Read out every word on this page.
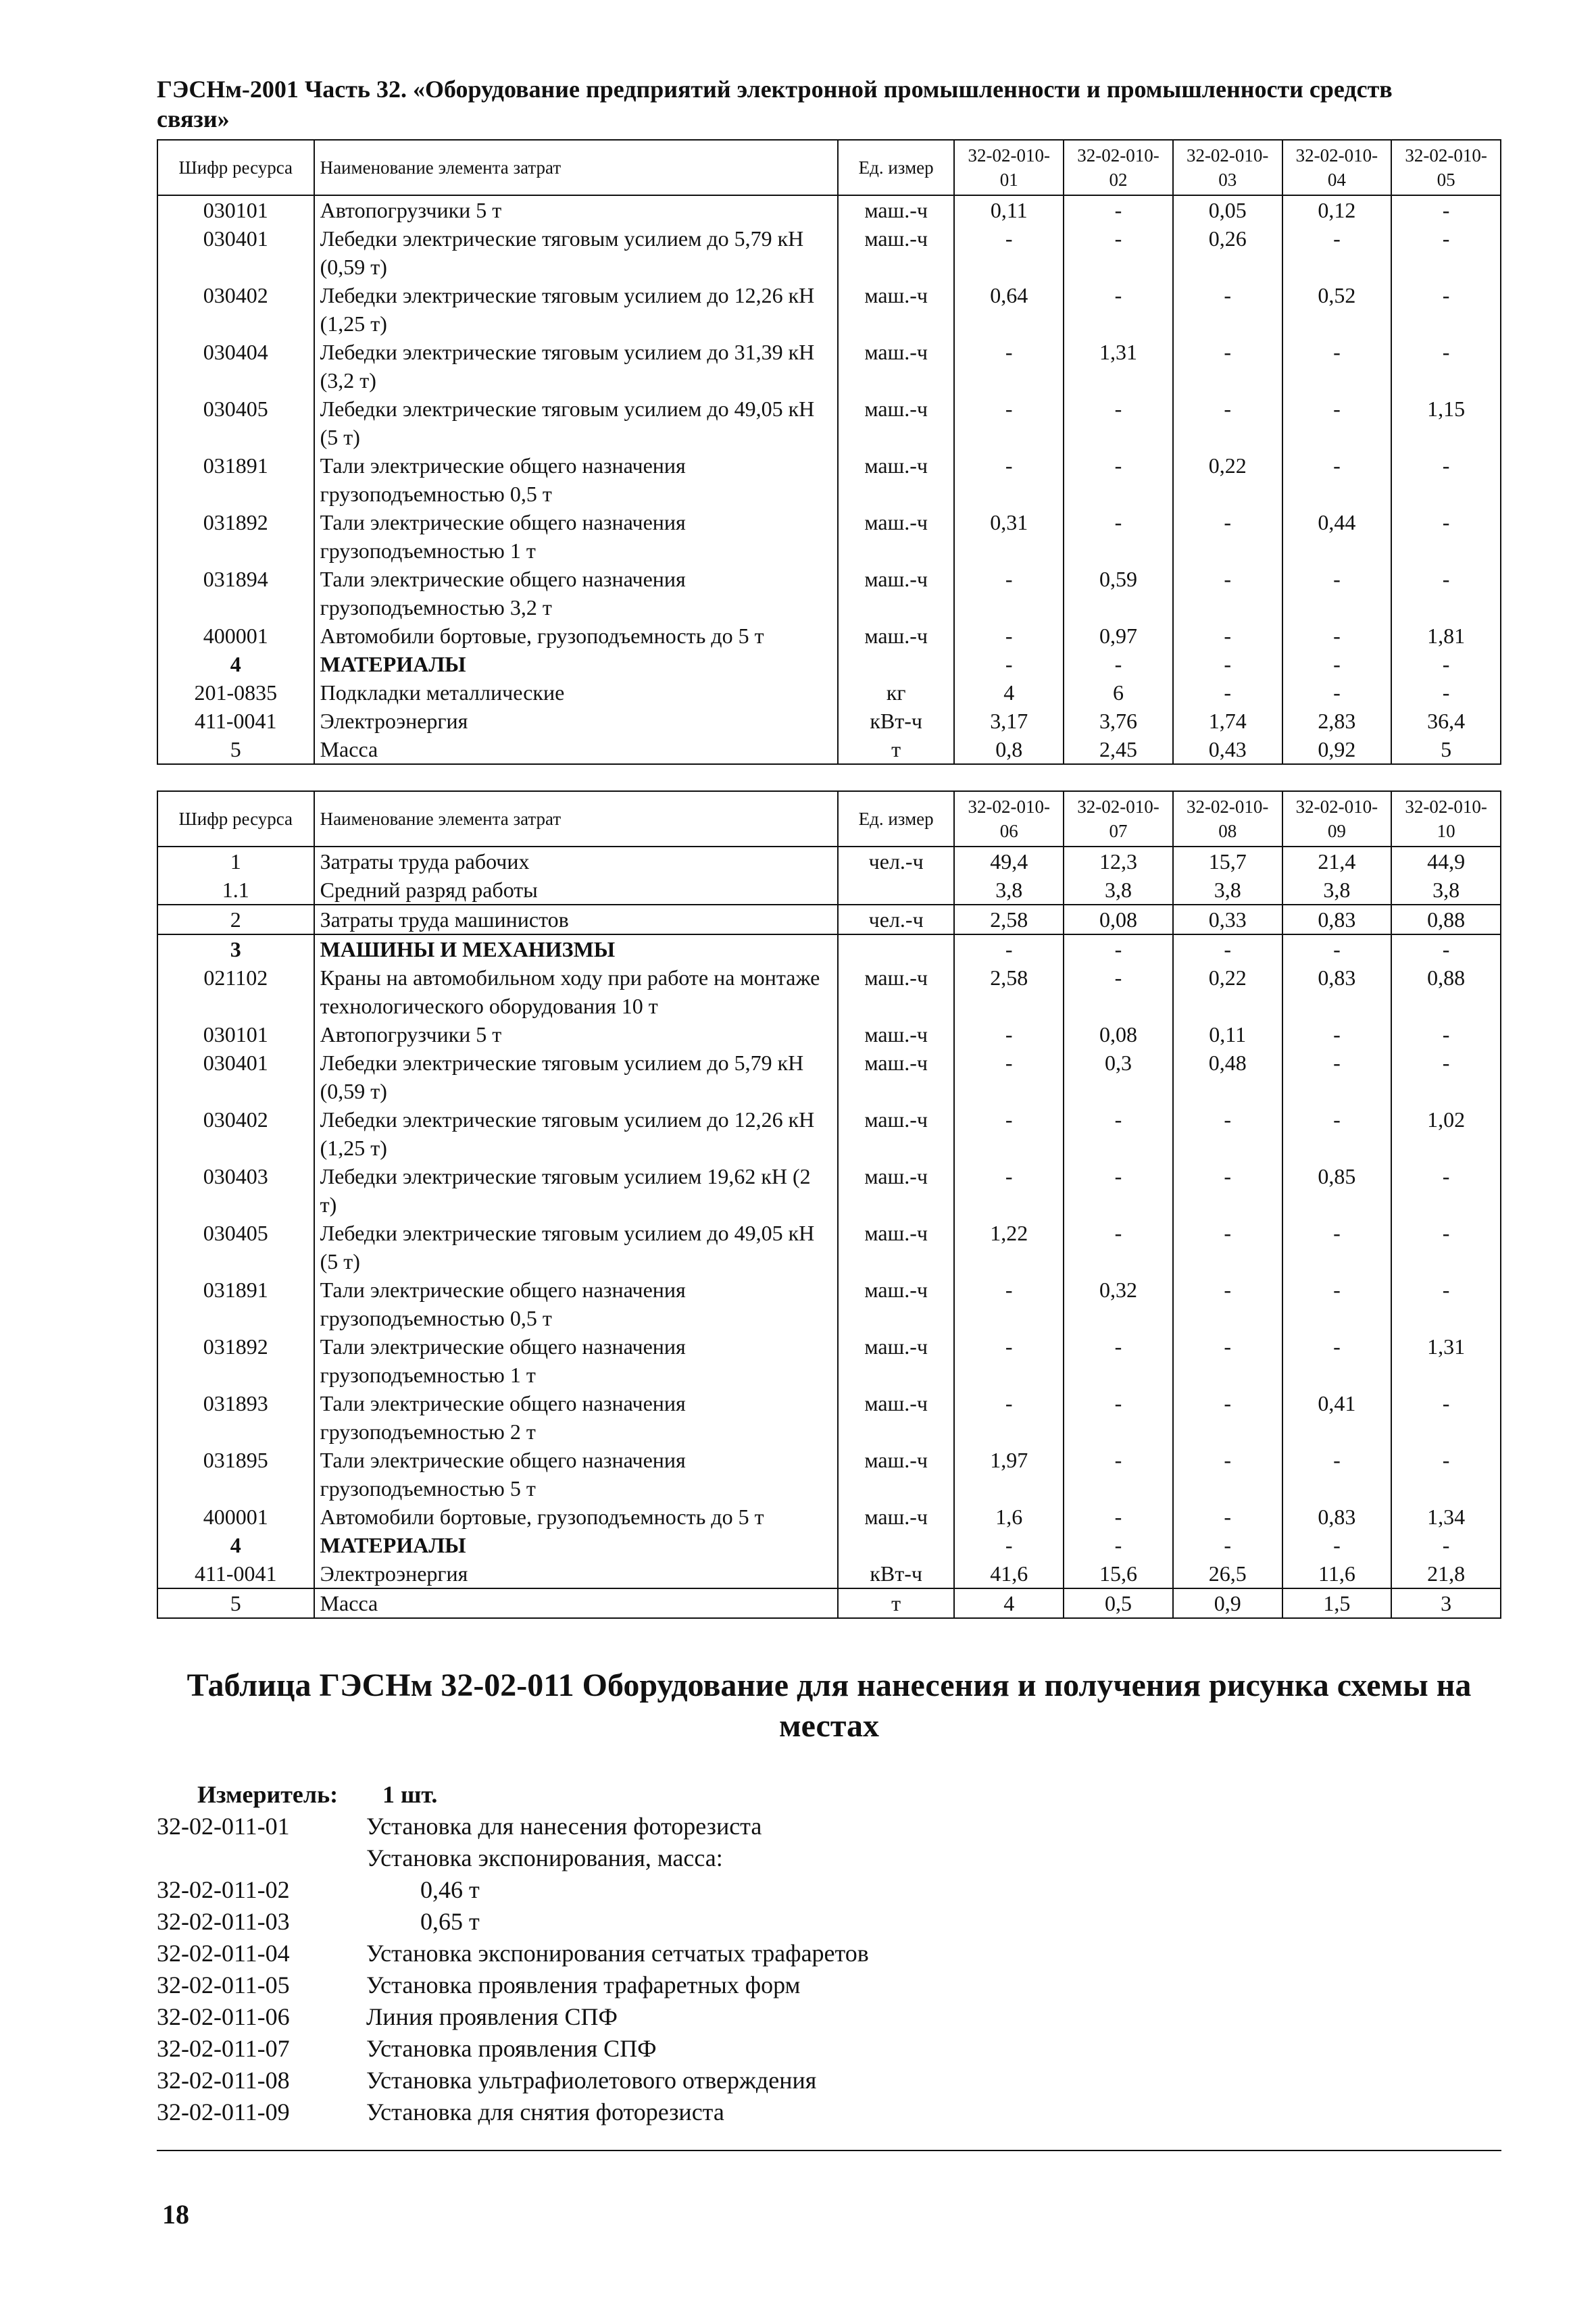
ГЭСНм-2001 Часть 32. «Оборудование предприятий электронной промышленности и промышленности средств
связи»
Шифр ресурса	Наименование элемента затрат	Ед. измер	32-02-010-01	32-02-010-02	32-02-010-03	32-02-010-04	32-02-010-05
030101	Автопогрузчики 5 т	маш.-ч	0,11	-	0,05	0,12	-
030401	Лебедки электрические тяговым усилием до 5,79 кН (0,59 т)	маш.-ч	-	-	0,26	-	-
030402	Лебедки электрические тяговым усилием до 12,26 кН (1,25 т)	маш.-ч	0,64	-	-	0,52	-
030404	Лебедки электрические тяговым усилием до 31,39 кН (3,2 т)	маш.-ч	-	1,31	-	-	-
030405	Лебедки электрические тяговым усилием до 49,05 кН (5 т)	маш.-ч	-	-	-	-	1,15
031891	Тали электрические общего назначения грузоподъемностью 0,5 т	маш.-ч	-	-	0,22	-	-
031892	Тали электрические общего назначения грузоподъемностью 1 т	маш.-ч	0,31	-	-	0,44	-
031894	Тали электрические общего назначения грузоподъемностью 3,2 т	маш.-ч	-	0,59	-	-	-
400001	Автомобили бортовые, грузоподъемность до 5 т	маш.-ч	-	0,97	-	-	1,81
4	МАТЕРИАЛЫ		-	-	-	-	-
201-0835	Подкладки металлические	кг	4	6	-	-	-
411-0041	Электроэнергия	кВт-ч	3,17	3,76	1,74	2,83	36,4
5	Масса	т	0,8	2,45	0,43	0,92	5
Шифр ресурса	Наименование элемента затрат	Ед. измер	32-02-010-06	32-02-010-07	32-02-010-08	32-02-010-09	32-02-010-10
1	Затраты труда рабочих	чел.-ч	49,4	12,3	15,7	21,4	44,9
1.1	Средний разряд работы		3,8	3,8	3,8	3,8	3,8
2	Затраты труда машинистов	чел.-ч	2,58	0,08	0,33	0,83	0,88
3	МАШИНЫ И МЕХАНИЗМЫ		-	-	-	-	-
021102	Краны на автомобильном ходу при работе на монтаже технологического оборудования 10 т	маш.-ч	2,58	-	0,22	0,83	0,88
030101	Автопогрузчики 5 т	маш.-ч	-	0,08	0,11	-	-
030401	Лебедки электрические тяговым усилием до 5,79 кН (0,59 т)	маш.-ч	-	0,3	0,48	-	-
030402	Лебедки электрические тяговым усилием до 12,26 кН (1,25 т)	маш.-ч	-	-	-	-	1,02
030403	Лебедки электрические тяговым усилием 19,62 кН (2 т)	маш.-ч	-	-	-	0,85	-
030405	Лебедки электрические тяговым усилием до 49,05 кН (5 т)	маш.-ч	1,22	-	-	-	-
031891	Тали электрические общего назначения грузоподъемностью 0,5 т	маш.-ч	-	0,32	-	-	-
031892	Тали электрические общего назначения грузоподъемностью 1 т	маш.-ч	-	-	-	-	1,31
031893	Тали электрические общего назначения грузоподъемностью 2 т	маш.-ч	-	-	-	0,41	-
031895	Тали электрические общего назначения грузоподъемностью 5 т	маш.-ч	1,97	-	-	-	-
400001	Автомобили бортовые, грузоподъемность до 5 т	маш.-ч	1,6	-	-	0,83	1,34
4	МАТЕРИАЛЫ		-	-	-	-	-
411-0041	Электроэнергия	кВт-ч	41,6	15,6	26,5	11,6	21,8
5	Масса	т	4	0,5	0,9	1,5	3
Таблица ГЭСНм 32-02-011 Оборудование для нанесения и получения рисунка схемы на
местах
Измеритель: 1 шт.
32-02-011-01	Установка для нанесения фоторезиста
Установка экспонирования, масса:
32-02-011-02	0,46 т
32-02-011-03	0,65 т
32-02-011-04	Установка экспонирования сетчатых трафаретов
32-02-011-05	Установка проявления трафаретных форм
32-02-011-06	Линия проявления СПФ
32-02-011-07	Установка проявления СПФ
32-02-011-08	Установка ультрафиолетового отверждения
32-02-011-09	Установка для снятия фоторезиста
18
